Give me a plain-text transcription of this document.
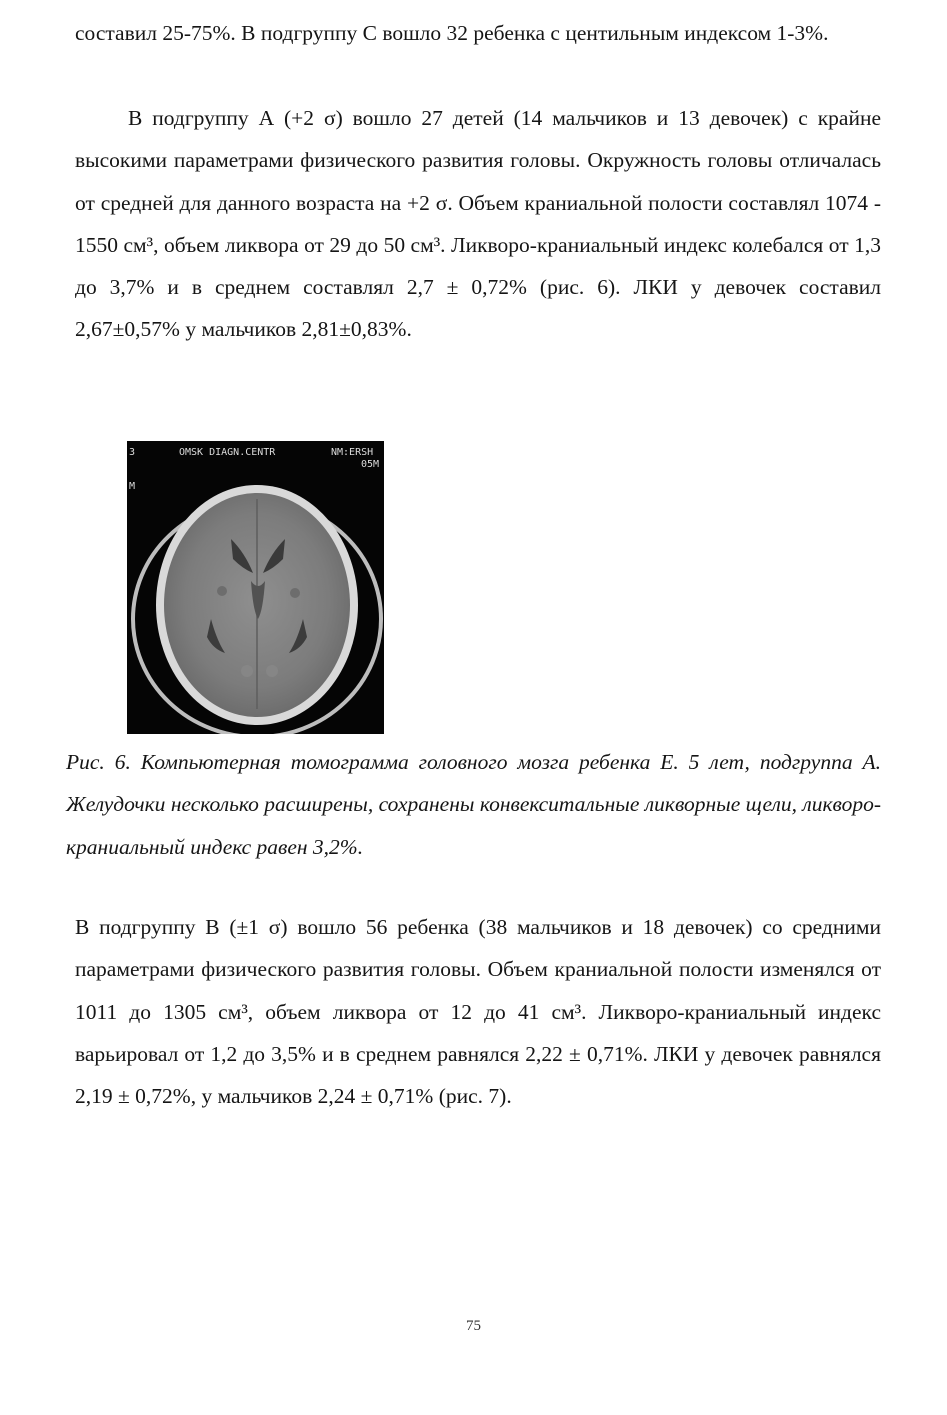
составил 25-75%. В подгруппу С вошло 32 ребенка с центильным индексом 1-3%.

В подгруппу А (+2 σ) вошло 27 детей (14 мальчиков и 13 девочек) с крайне высокими параметрами физического развития головы. Окружность головы отличалась от средней для данного возраста на +2 σ. Объем краниальной полости составлял 1074 - 1550 см³, объем ликвора от 29 до 50 см³. Ликворо-краниальный индекс колебался от 1,3 до 3,7% и в среднем составлял 2,7 ± 0,72% (рис. 6). ЛКИ у девочек составил 2,67±0,57% у мальчиков 2,81±0,83%.

3	OMSK DIAGN.CENTR	NM:ERSH
05M
M

Рис. 6. Компьютерная томограмма головного мозга ребенка Е. 5 лет, подгруппа А. Желудочки несколько расширены, сохранены конвекситальные ликворные щели, ликворо-краниальный индекс равен 3,2%.

В подгруппу В (±1 σ) вошло 56 ребенка (38 мальчиков и 18 девочек) со средними параметрами физического развития головы. Объем краниальной полости изменялся от 1011 до 1305 см³, объем ликвора от 12 до 41 см³. Ликворо-краниальный индекс варьировал от 1,2 до 3,5% и в среднем равнялся 2,22 ± 0,71%. ЛКИ у девочек равнялся 2,19 ± 0,72%, у мальчиков 2,24 ± 0,71% (рис. 7).

75
